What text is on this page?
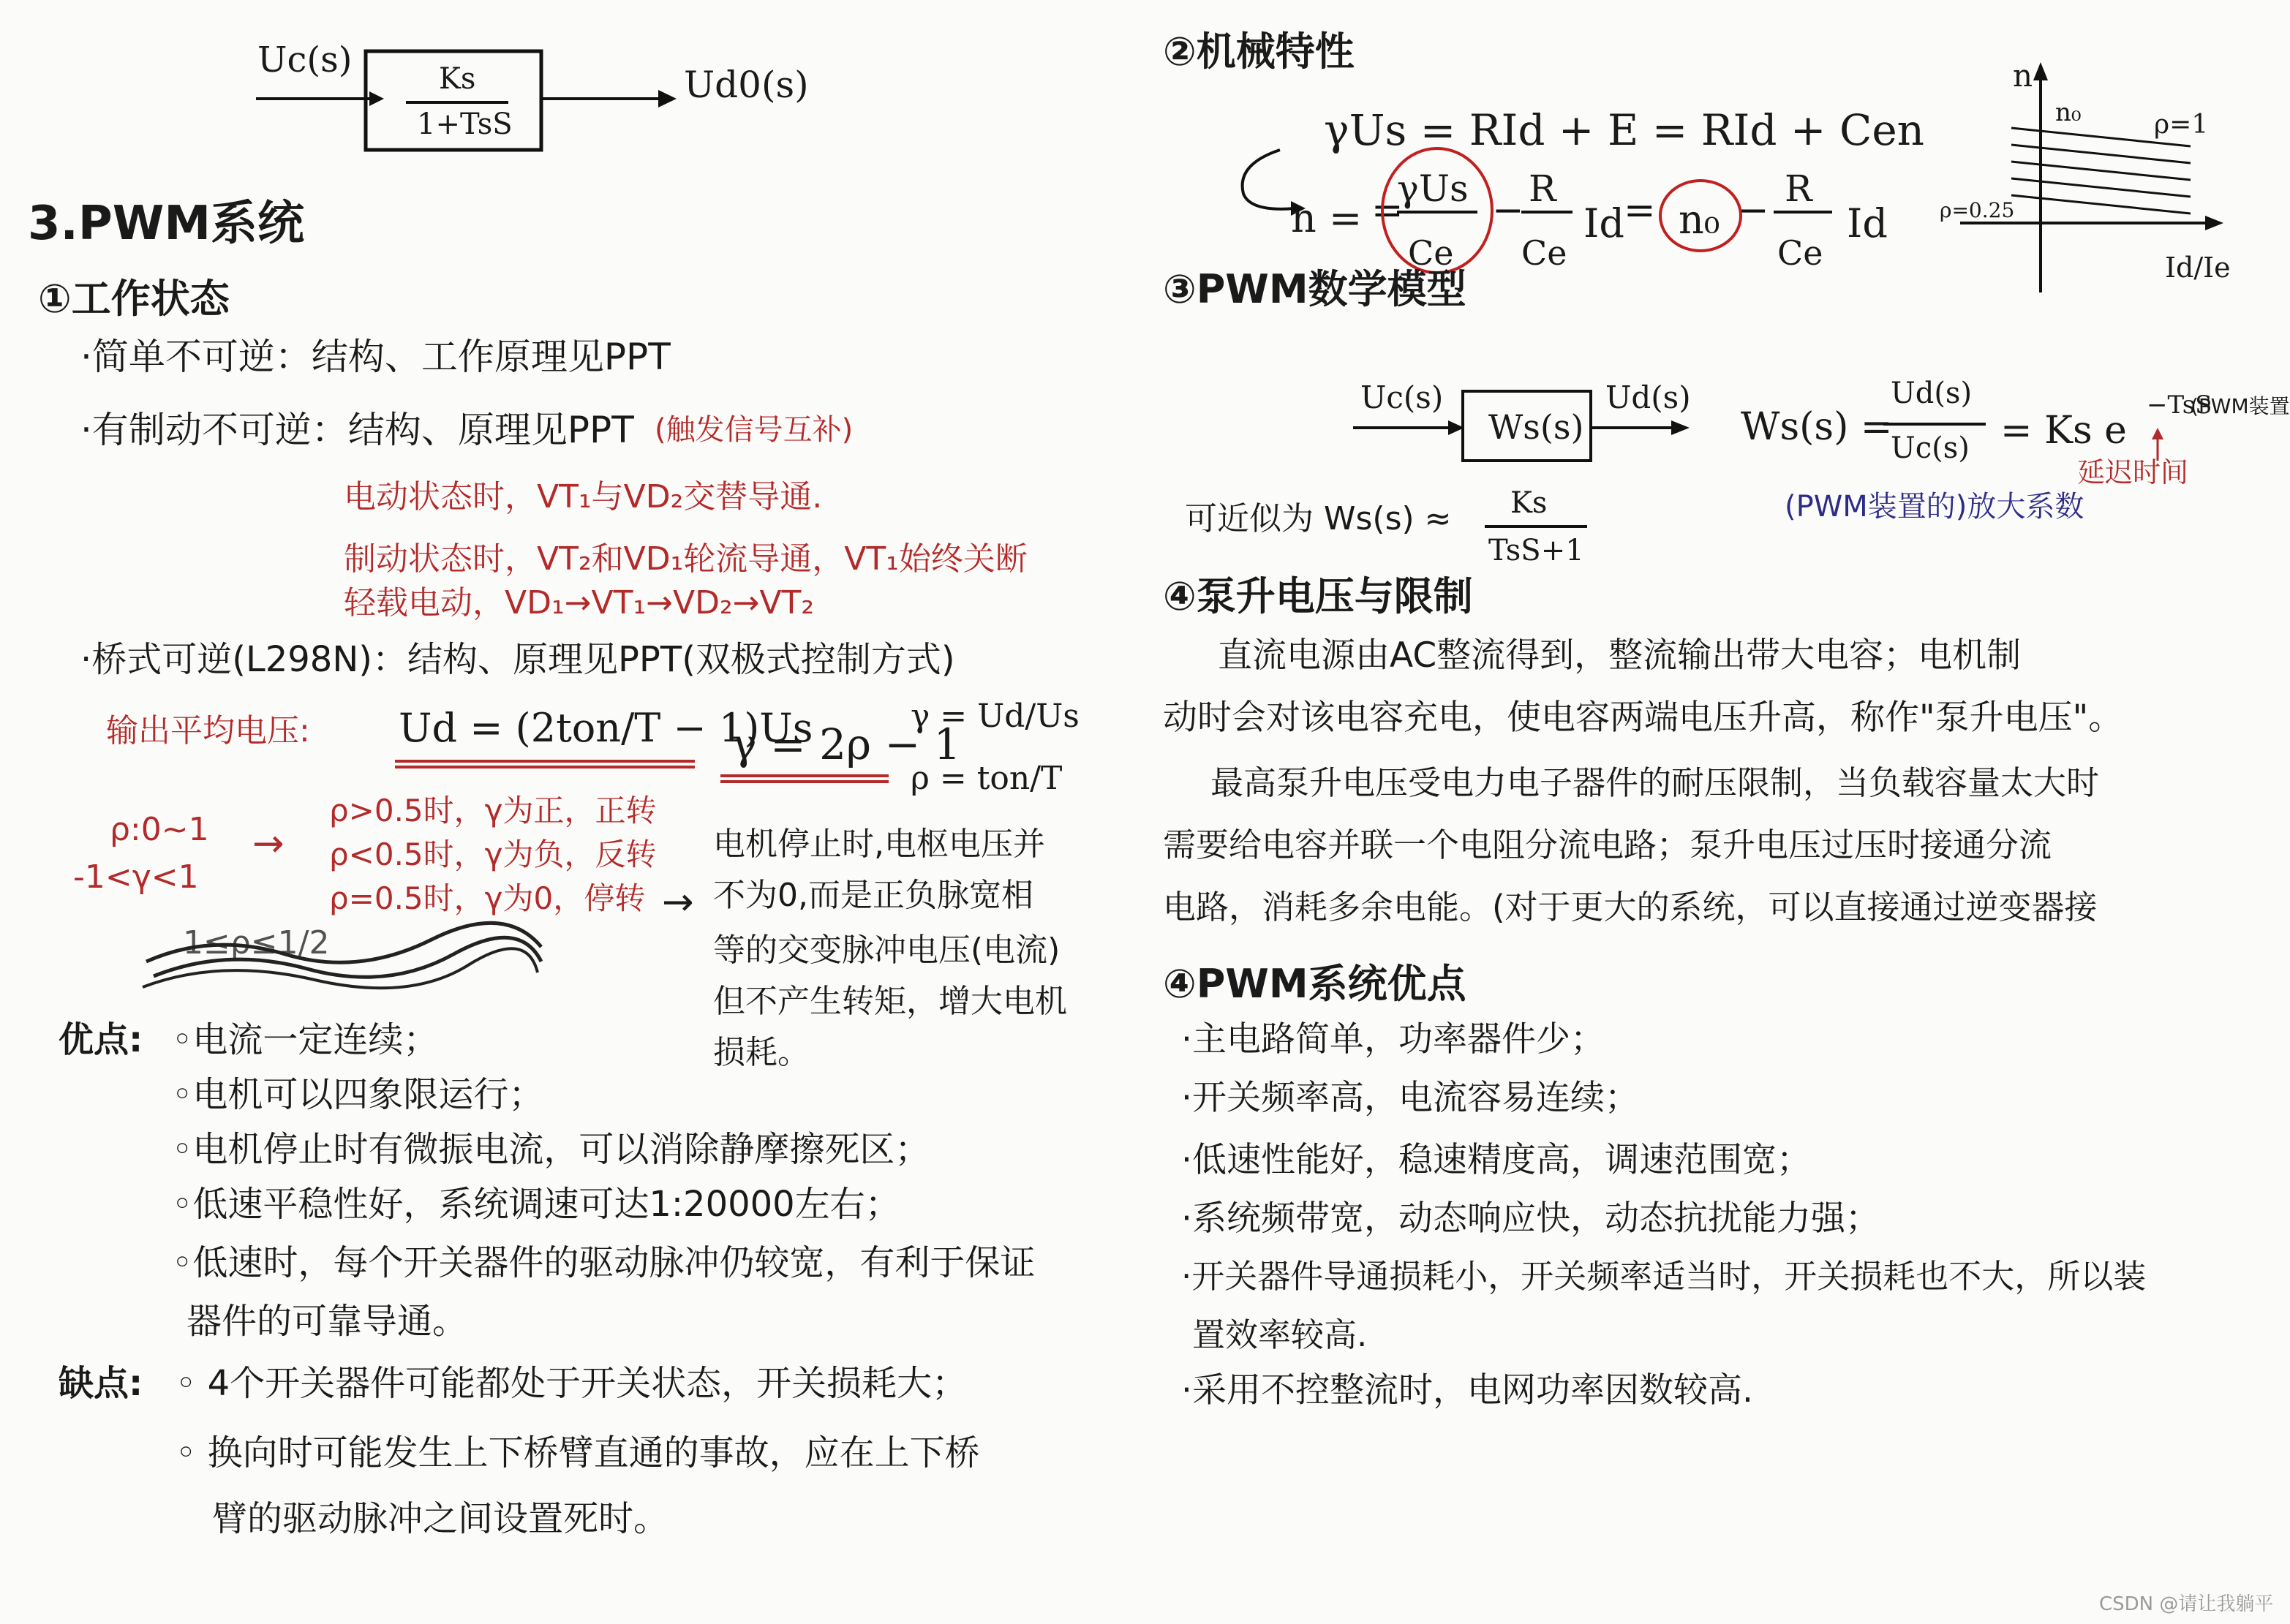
Uc(s)	Ks
1+TsS
Ud0(s)
3.PWM系统
①工作状态
·简单不可逆：结构、工作原理见PPT
·有制动不可逆：结构、原理见PPT (触发信号互补)
电动状态时，VT₁与VD₂交替导通.
制动状态时，VT₂和VD₁轮流导通，VT₁始终关断
轻载电动，VD₁→VT₁→VD₂→VT₂
·桥式可逆(L298N)：结构、原理见PPT(双极式控制方式)
输出平均电压: Ud = (2ton/T − 1)Us
γ = 2ρ − 1
γ = Ud/Us
ρ = ton/T
ρ:0~1
-1<γ<1
→
ρ>0.5时，γ为正，正转
ρ<0.5时，γ为负，反转
ρ=0.5时，γ为0，停转 →
1≤ρ≤1/2
电机停止时,电枢电压并
不为0,而是正负脉宽相
等的交变脉冲电压(电流)
但不产生转矩，增大电机
损耗。
优点: ◦电流一定连续；
◦电机可以四象限运行；
◦电机停止时有微振电流，可以消除静摩擦死区；
◦低速平稳性好，系统调速可达1:20000左右；
◦低速时，每个开关器件的驱动脉冲仍较宽，有利于保证
器件的可靠导通。
缺点: ◦ 4个开关器件可能都处于开关状态，开关损耗大；
◦ 换向时可能发生上下桥臂直通的事故，应在上下桥
臂的驱动脉冲之间设置死时。
②机械特性
γUs = RId + E = RId + Cen
n =
γUs
Ce
R
Ce
Id n₀
R
Ce
Id
= −	= −
n
n₀	ρ=1
ρ=0.25
Id/Ie
③PWM数学模型
Uc(s)
Ws(s)
Ud(s)
Ws(s) =
Ud(s)
Uc(s) = Ks e
−TsS
(PWM装置
延迟时间
(PWM装置的)放大系数
可近似为 Ws(s) ≈ Ks
TsS+1
④泵升电压与限制
直流电源由AC整流得到，整流输出带大电容；电机制
动时会对该电容充电，使电容两端电压升高，称作"泵升电压"。
最高泵升电压受电力电子器件的耐压限制，当负载容量太大时
需要给电容并联一个电阻分流电路；泵升电压过压时接通分流
电路，消耗多余电能。(对于更大的系统，可以直接通过逆变器接
④PWM系统优点
·主电路简单，功率器件少；
·开关频率高，电流容易连续；
·低速性能好，稳速精度高，调速范围宽；
·系统频带宽，动态响应快，动态抗扰能力强；
·开关器件导通损耗小，开关频率适当时，开关损耗也不大，所以装
置效率较高.
·采用不控整流时，电网功率因数较高.
CSDN @请让我躺平
